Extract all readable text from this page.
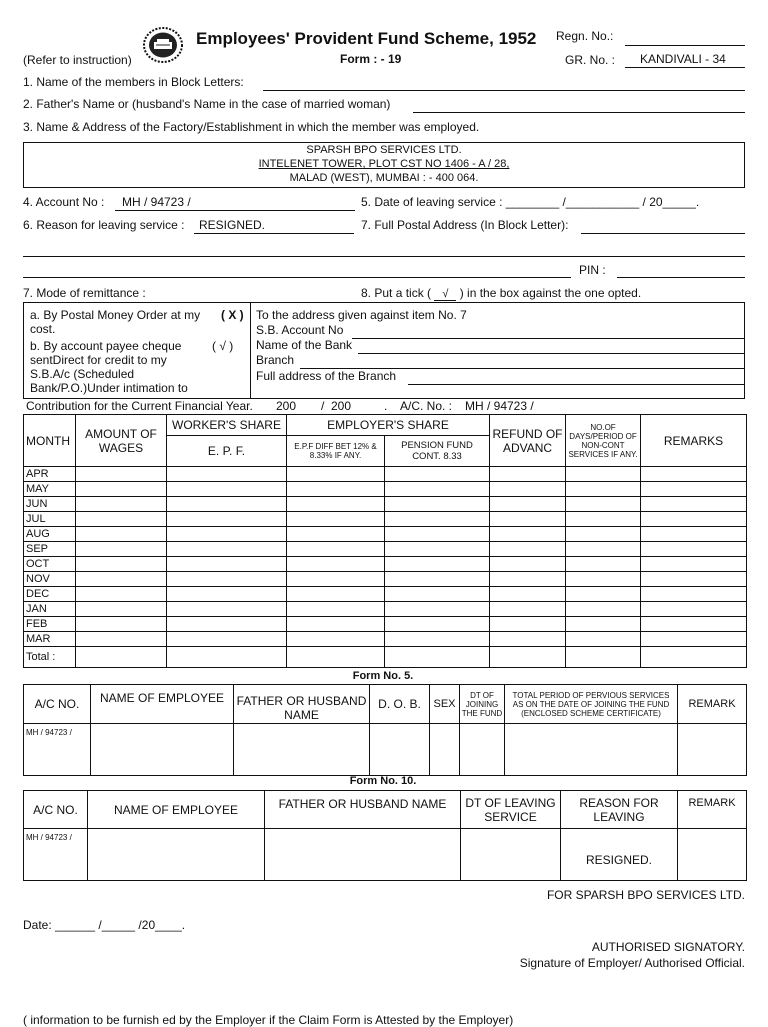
Employees' Provident Fund Scheme, 1952 Regn. No.:
(Refer to instruction)	Form : - 19	GR. No. : KANDIVALI - 34
1. Name of the members in Block Letters:
2. Father's Name or (husband's Name in the case of married woman)
3. Name & Address of the Factory/Establishment in which the member was employed.
SPARSH BPO SERVICES LTD.
INTELENET TOWER, PLOT CST NO 1406 - A / 28,
MALAD (WEST), MUMBAI : - 400 064.
4. Account No : MH / 94723 /	5. Date of leaving service : ________ /___________ / 20_____.
6. Reason for leaving service : RESIGNED.	7. Full Postal Address (In Block Letter):
PIN :
7. Mode of remittance :	8. Put a tick ( √ ) in the box against the one opted.
a. By Postal Money Order at my ( X )
cost.
b. By account payee cheque	( √ )
sentDirect for credit to my
S.B.A/c (Scheduled
Bank/P.O.)Under intimation to
To the address given against item No. 7
S.B. Account No
Name of the Bank
Branch
Full address of the Branch
Contribution for the Current Financial Year. 200 / 200	. A/C. No. : MH / 94723 /
MONTH	AMOUNT OF WAGES	WORKER'S SHARE	EMPLOYER'S SHARE		REFUND OF ADVANC	NO.OF DAYS/PERIOD OF NON-CONT SERVICES IF ANY.	REMARKS
		E. P. F.	E.P.F DIFF BET 12% & 8.33% IF ANY.	PENSION FUND CONT. 8.33			
APR							
MAY							
JUN							
JUL							
AUG							
SEP							
OCT							
NOV							
DEC							
JAN							
FEB							
MAR							
Total :							
Form No. 5.
A/C NO.	NAME OF EMPLOYEE	FATHER OR HUSBAND NAME	D. O. B.	SEX	DT OF JOINING THE FUND	TOTAL PERIOD OF PERVIOUS SERVICES AS ON THE DATE OF JOINING THE FUND (ENCLOSED SCHEME CERTIFICATE)	REMARK
MH / 94723 /							
Form No. 10.
A/C NO.	NAME OF EMPLOYEE	FATHER OR HUSBAND NAME	DT OF LEAVING SERVICE	REASON FOR LEAVING	REMARK
MH / 94723 /				RESIGNED.	
FOR SPARSH BPO SERVICES LTD.
Date: ______ /_____ /20____.
AUTHORISED SIGNATORY.
Signature of Employer/ Authorised Official.
( information to be furnish ed by the Employer if the Claim Form is Attested by the Employer)
